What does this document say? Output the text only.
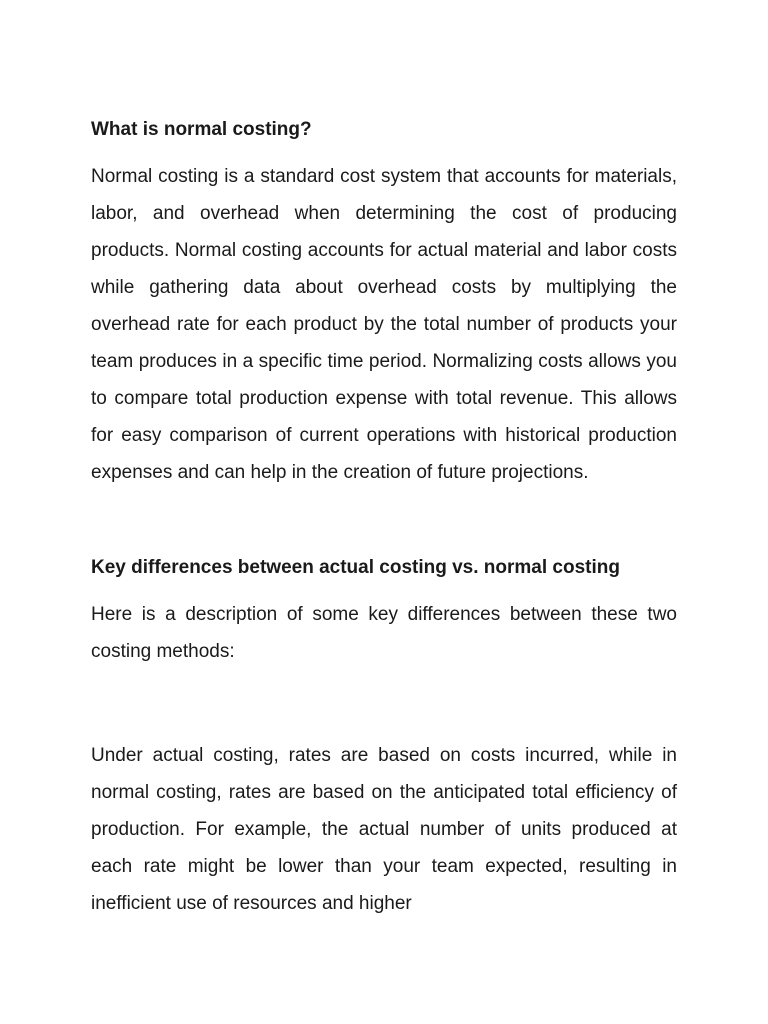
What is normal costing?

Normal costing is a standard cost system that accounts for materials, labor, and overhead when determining the cost of producing products. Normal costing accounts for actual material and labor costs while gathering data about overhead costs by multiplying the overhead rate for each product by the total number of products your team produces in a specific time period. Normalizing costs allows you to compare total production expense with total revenue. This allows for easy comparison of current operations with historical production expenses and can help in the creation of future projections.

Key differences between actual costing vs. normal costing

Here is a description of some key differences between these two costing methods:

Under actual costing, rates are based on costs incurred, while in normal costing, rates are based on the anticipated total efficiency of production. For example, the actual number of units produced at each rate might be lower than your team expected, resulting in inefficient use of resources and higher
